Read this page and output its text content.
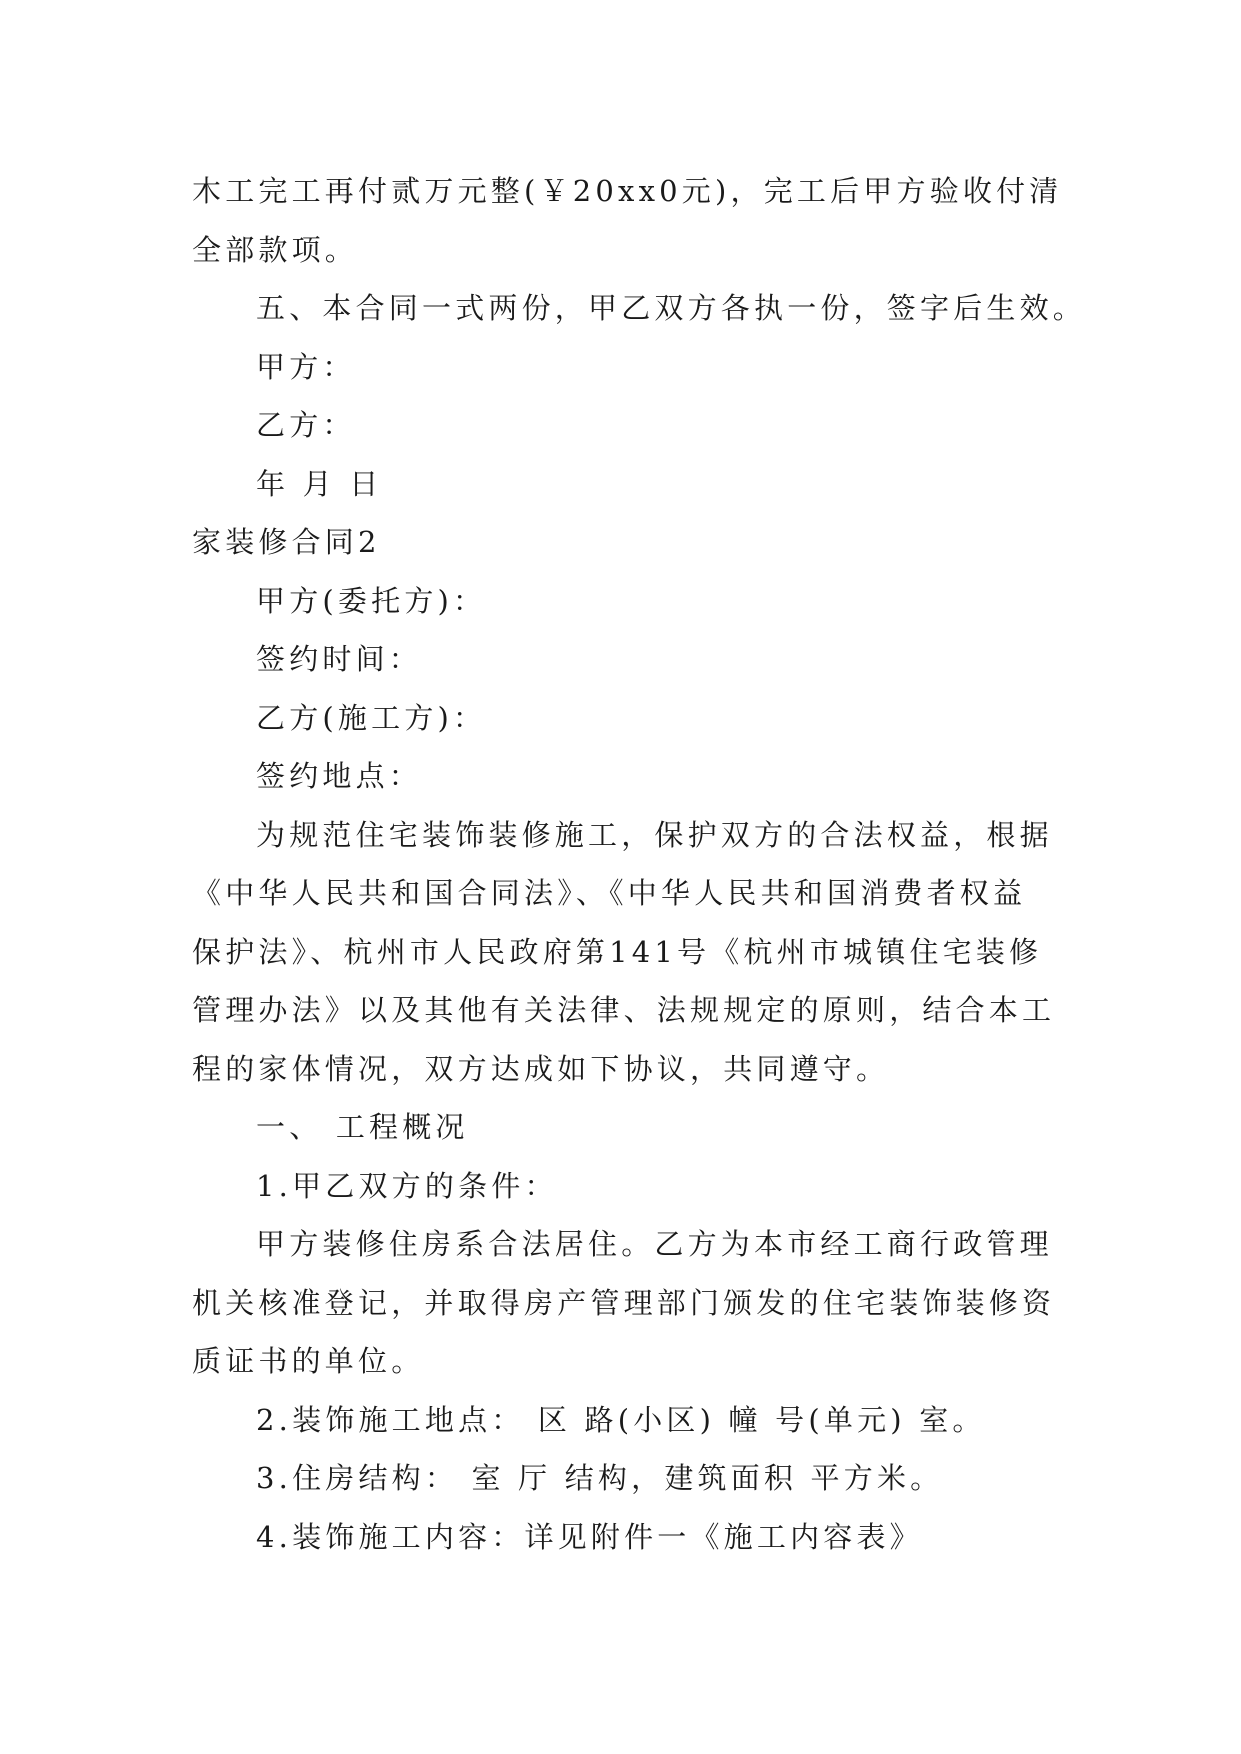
木工完工再付贰万元整(￥20xx0元)，完工后甲方验收付清
全部款项。
五、本合同一式两份，甲乙双方各执一份，签字后生效。
甲方：
乙方：
年 月 日
家装修合同2
甲方(委托方)：
签约时间：
乙方(施工方)：
签约地点：
为规范住宅装饰装修施工，保护双方的合法权益，根据
《中华人民共和国合同法》、《中华人民共和国消费者权益
保护法》、杭州市人民政府第141号《杭州市城镇住宅装修
管理办法》以及其他有关法律、法规规定的原则，结合本工
程的家体情况，双方达成如下协议，共同遵守。
一、 工程概况
1.甲乙双方的条件：
甲方装修住房系合法居住。乙方为本市经工商行政管理
机关核准登记，并取得房产管理部门颁发的住宅装饰装修资
质证书的单位。
2.装饰施工地点： 区 路(小区) 幢 号(单元) 室。
3.住房结构： 室 厅 结构，建筑面积 平方米。
4.装饰施工内容：详见附件一《施工内容表》
